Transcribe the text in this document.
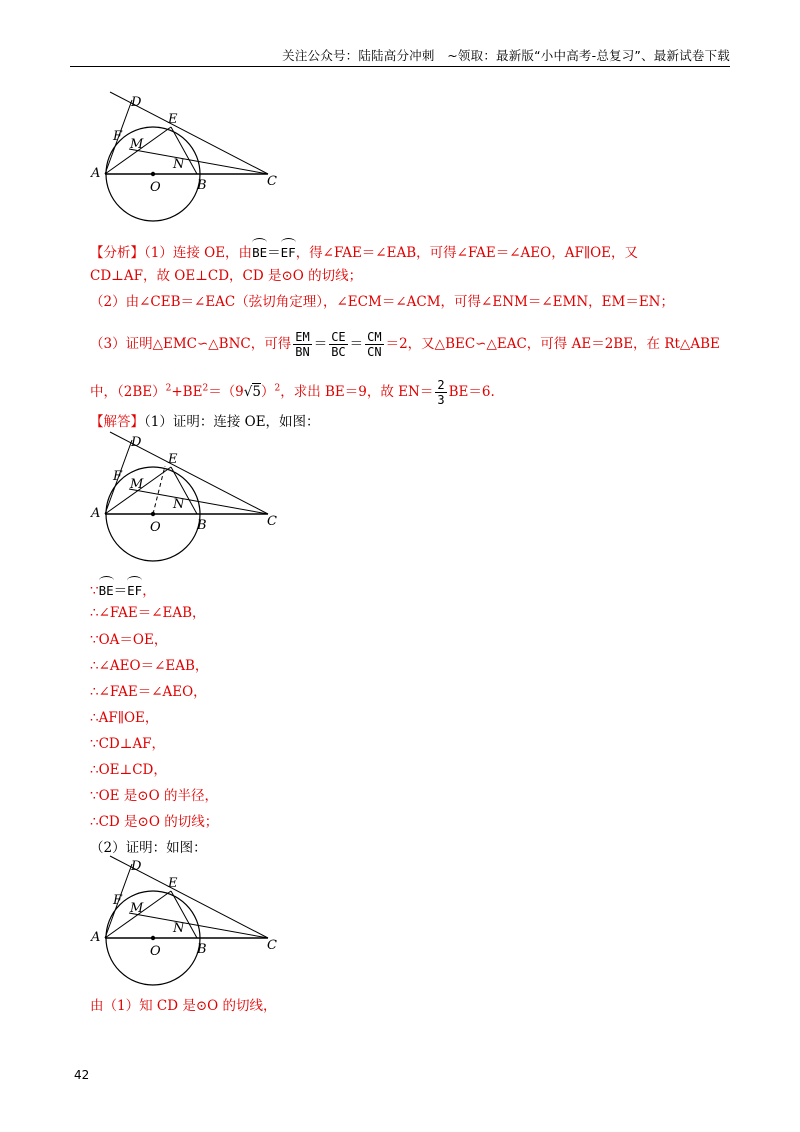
关注公众号：陆陆高分冲刺　~领取：最新版“小中高考-总复习”、最新试卷下载
D
E
F
M
N
A
O	B	C
【分析】（1）连接 OE，由BE＝EF，得∠FAE＝∠EAB，可得∠FAE＝∠AEO，AF∥OE，又
CD⊥AF，故 OE⊥CD，CD 是⊙O 的切线；
（2）由∠CEB＝∠EAC（弦切角定理），∠ECM＝∠ACM，可得∠ENM＝∠EMN，EM＝EN；
（3）证明△EMC∽△BNC，可得 $\frac{EM}{BN} = \frac{CE}{BC} = \frac{CM}{CN} =2$，又△BEC∽△EAC，可得 AE＝2BE，在 Rt△ABE
中，$(2BE)^2+BE^2=(9√5)^2$，求出 BE＝9，故 $EN= \frac{2}{3} BE=6$.
【解答】（1）证明：连接 OE，如图：
D
E
F
M
N
A
O	B	C
∵BE＝EF，
∴∠FAE＝∠EAB，
∵OA＝OE，
∴∠AEO＝∠EAB，
∴∠FAE＝∠AEO，
∴AF∥OE，
∵CD⊥AF，
∴OE⊥CD，
∵OE 是⊙O 的半径，
∴CD 是⊙O 的切线；
（2）证明：如图：
D
E
F
M
N
A
O	B	C
由（1）知 CD 是⊙O 的切线，
42
